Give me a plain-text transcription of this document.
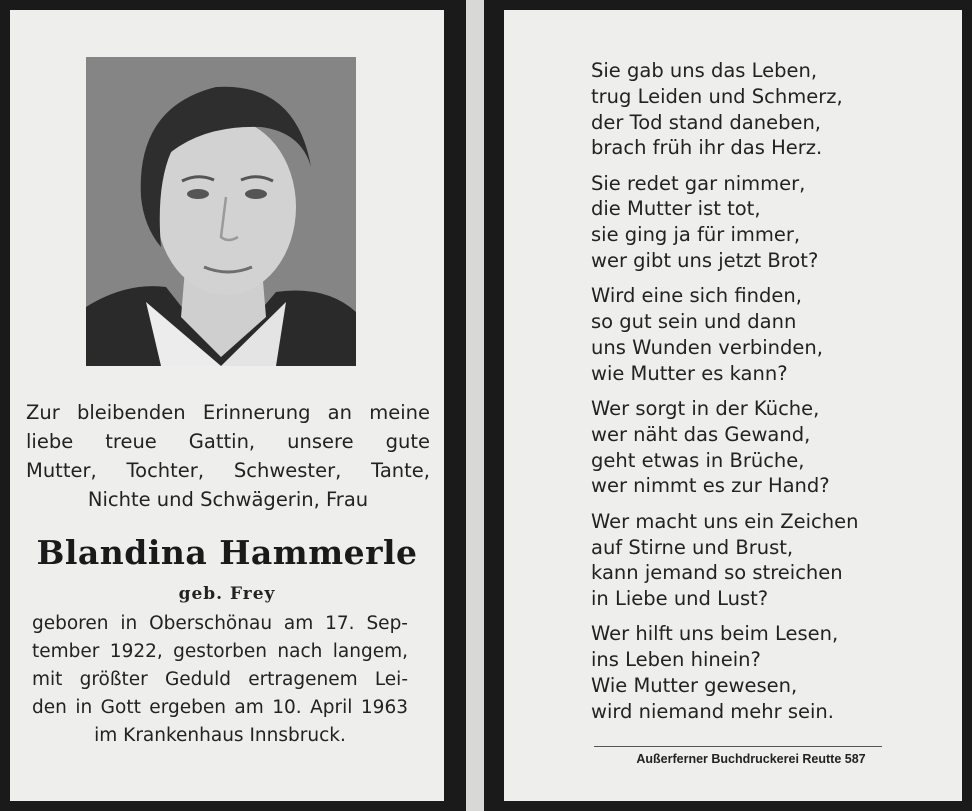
Zur bleibenden Erinnerung an meine
liebe treue Gattin, unsere gute
Mutter, Tochter, Schwester, Tante,
Nichte und Schwägerin, Frau
Blandina Hammerle
geb. Frey
geboren in Oberschönau am 17. Sep-
tember 1922, gestorben nach langem,
mit größter Geduld ertragenem Lei-
den in Gott ergeben am 10. April 1963
im Krankenhaus Innsbruck.
Sie gab uns das Leben,
trug Leiden und Schmerz,
der Tod stand daneben,
brach früh ihr das Herz.
Sie redet gar nimmer,
die Mutter ist tot,
sie ging ja für immer,
wer gibt uns jetzt Brot?
Wird eine sich finden,
so gut sein und dann
uns Wunden verbinden,
wie Mutter es kann?
Wer sorgt in der Küche,
wer näht das Gewand,
geht etwas in Brüche,
wer nimmt es zur Hand?
Wer macht uns ein Zeichen
auf Stirne und Brust,
kann jemand so streichen
in Liebe und Lust?
Wer hilft uns beim Lesen,
ins Leben hinein?
Wie Mutter gewesen,
wird niemand mehr sein.
Außerferner Buchdruckerei Reutte 587
